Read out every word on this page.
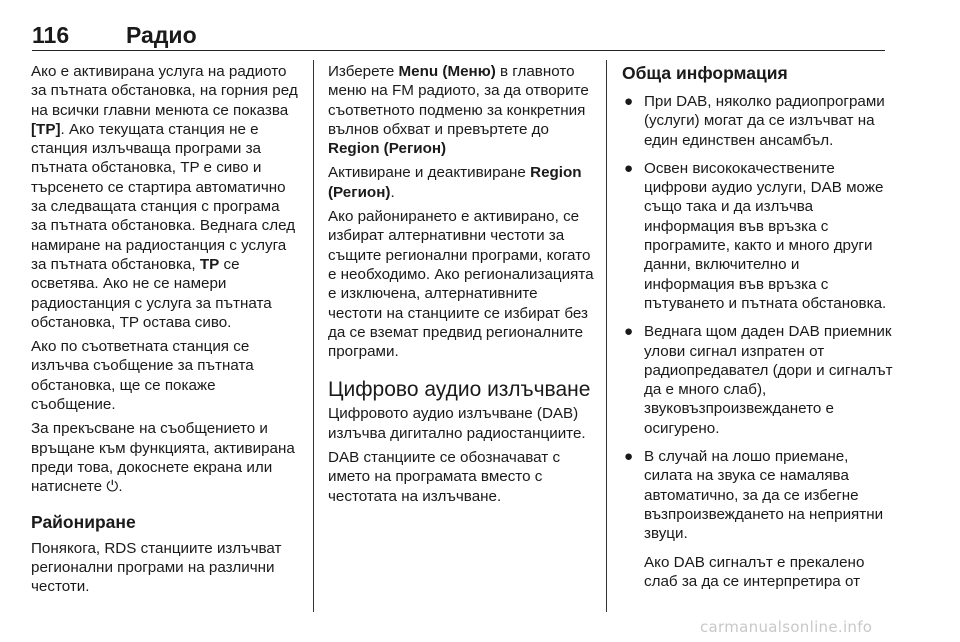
116 Радио

Ако е активирана услуга на радиото за пътната обстановка, на горния ред на всички главни менюта се показва [TP]. Ако текущата станция не е станция излъчваща програми за пътната обстановка, TP е сиво и търсенето се стартира автоматично за следващата станция с програма за пътната обстановка. Веднага след намиране на радиостанция с услуга за пътната обстановка, TP се осветява. Ако не се намери радиостанция с услуга за пътната обстановка, TP остава сиво.

Ако по съответната станция се излъчва съобщение за пътната обстановка, ще се покаже съобщение.

За прекъсване на съобщението и връщане към функцията, активирана преди това, докоснете екрана или натиснете ⏻.

Райониране

Понякога, RDS станциите излъчват регионални програми на различни честоти.

Изберете Menu (Меню) в главното меню на FM радиото, за да отворите съответното подменю за конкретния вълнов обхват и превъртете до Region (Регион)

Активиране и деактивиране Region (Регион).

Ако районирането е активирано, се избират алтернативни честоти за същите регионални програми, когато е необходимо. Ако регионализацията е изключена, алтернативните честоти на станциите се избират без да се вземат предвид регионалните програми.

Цифрово аудио излъчване

Цифровото аудио излъчване (DAB) излъчва дигитално радиостанциите.

DAB станциите се обозначават с името на програмата вместо с честотата на излъчване.

Обща информация
● При DAB, няколко радиопрограми (услуги) могат да се излъчват на един единствен ансамбъл.
● Освен висококачествените цифрови аудио услуги, DAB може също така и да излъчва информация във връзка с програмите, както и много други данни, включително и информация във връзка с пътуването и пътната обстановка.
● Веднага щом даден DAB приемник улови сигнал изпратен от радиопредавател (дори и сигналът да е много слаб), звуковъзпроизвеждането е осигурено.
● В случай на лошо приемане, силата на звука се намалява автоматично, за да се избегне възпроизвеждането на неприятни звуци.

Ако DAB сигналът е прекалено слаб за да се интерпретира от

carmanualsonline.info
